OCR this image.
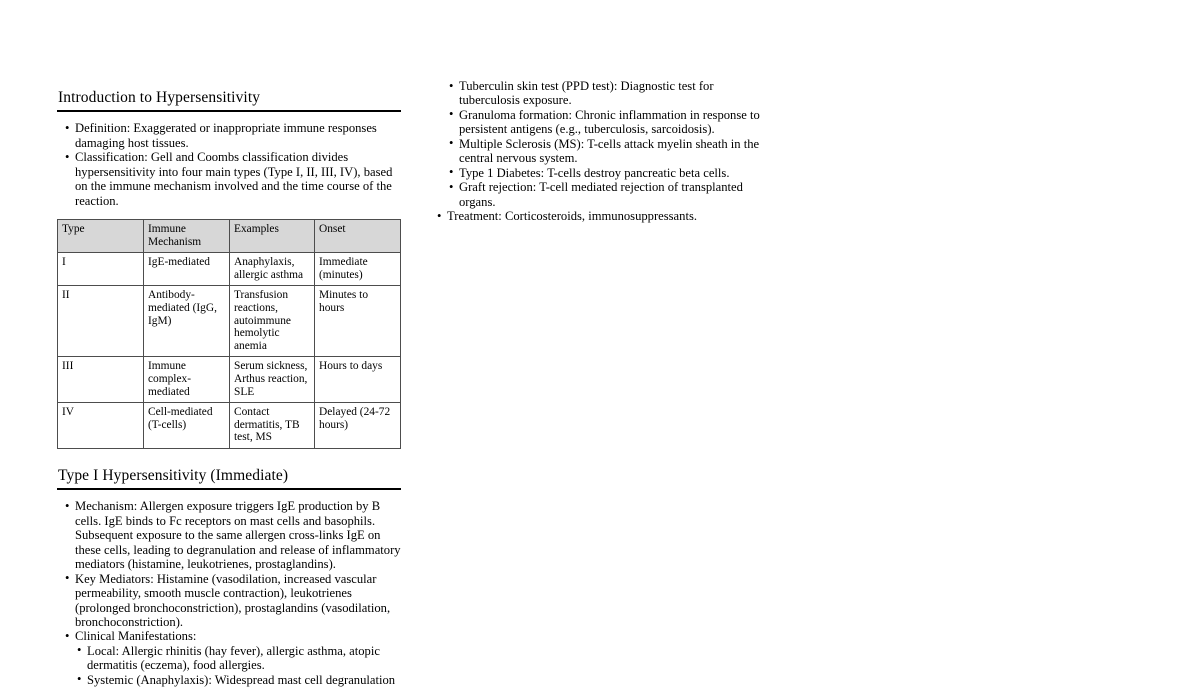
Introduction to Hypersensitivity
• Definition: Exaggerated or inappropriate immune responses damaging host tissues.
• Classification: Gell and Coombs classification divides hypersensitivity into four main types (Type I, II, III, IV), based on the immune mechanism involved and the time course of the reaction.
Type	Immune Mechanism	Examples	Onset
I	IgE-mediated	Anaphylaxis, allergic asthma	Immediate (minutes)
II	Antibody-mediated (IgG, IgM)	Transfusion reactions, autoimmune hemolytic anemia	Minutes to hours
III	Immune complex-mediated	Serum sickness, Arthus reaction, SLE	Hours to days
IV	Cell-mediated (T-cells)	Contact dermatitis, TB test, MS	Delayed (24-72 hours)
Type I Hypersensitivity (Immediate)
• Mechanism: Allergen exposure triggers IgE production by B cells. IgE binds to Fc receptors on mast cells and basophils. Subsequent exposure to the same allergen cross-links IgE on these cells, leading to degranulation and release of inflammatory mediators (histamine, leukotrienes, prostaglandins).
• Key Mediators: Histamine (vasodilation, increased vascular permeability, smooth muscle contraction), leukotrienes (prolonged bronchoconstriction), prostaglandins (vasodilation, bronchoconstriction).
• Clinical Manifestations:
• Local: Allergic rhinitis (hay fever), allergic asthma, atopic dermatitis (eczema), food allergies.
• Systemic (Anaphylaxis): Widespread mast cell degranulation
• Tuberculin skin test (PPD test): Diagnostic test for tuberculosis exposure.
• Granuloma formation: Chronic inflammation in response to persistent antigens (e.g., tuberculosis, sarcoidosis).
• Multiple Sclerosis (MS): T-cells attack myelin sheath in the central nervous system.
• Type 1 Diabetes: T-cells destroy pancreatic beta cells.
• Graft rejection: T-cell mediated rejection of transplanted organs.
• Treatment: Corticosteroids, immunosuppressants.
